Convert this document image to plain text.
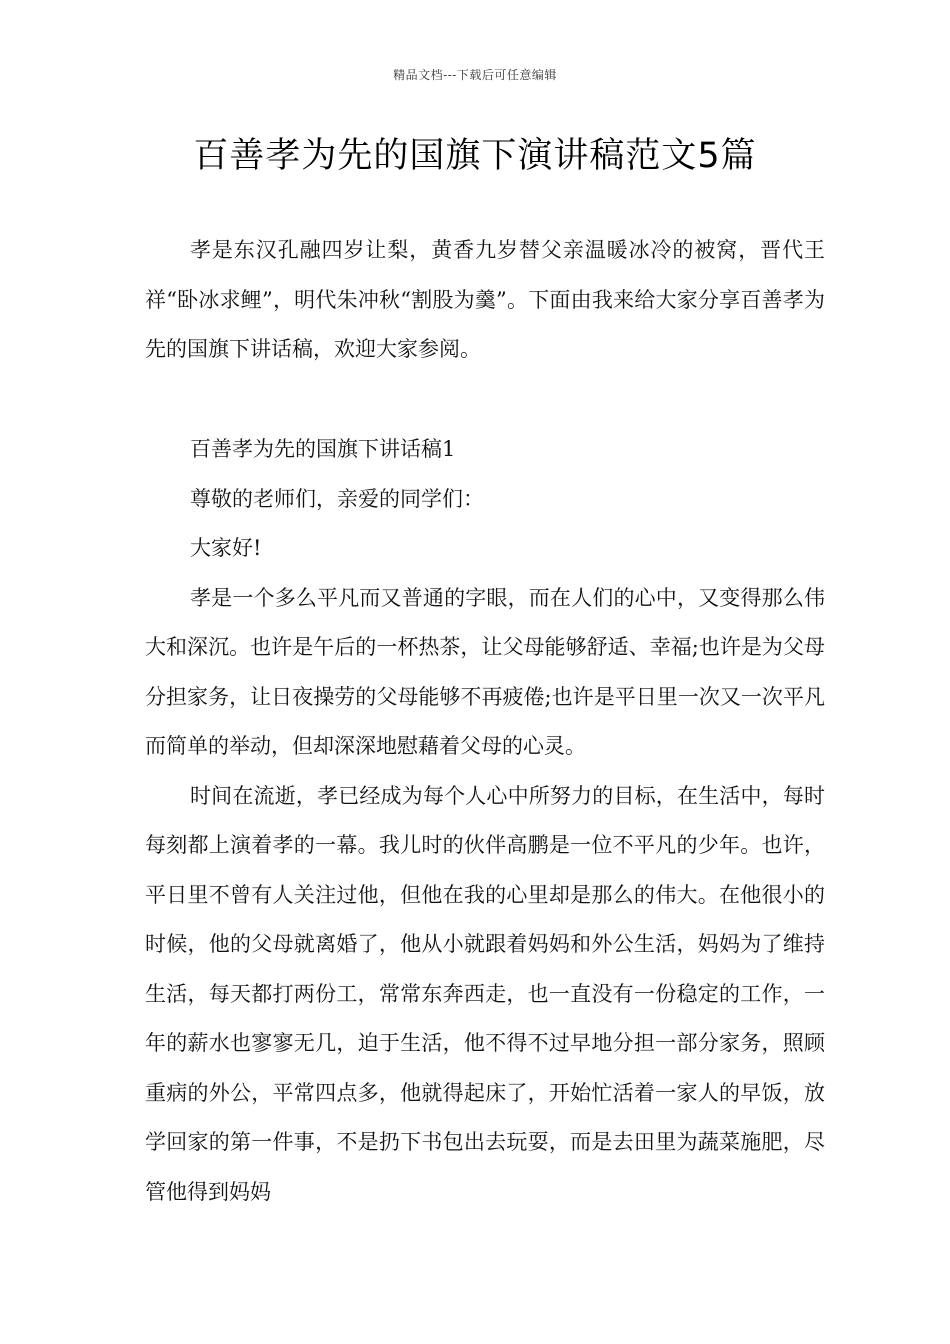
精品文档---下载后可任意编辑
百善孝为先的国旗下演讲稿范文5篇

孝是东汉孔融四岁让梨，黄香九岁替父亲温暖冰冷的被窝，晋代王祥“卧冰求鲤”，明代朱冲秋“割股为羹”。下面由我来给大家分享百善孝为先的国旗下讲话稿，欢迎大家参阅。

百善孝为先的国旗下讲话稿1

尊敬的老师们，亲爱的同学们：

大家好!

孝是一个多么平凡而又普通的字眼，而在人们的心中，又变得那么伟大和深沉。也许是午后的一杯热茶，让父母能够舒适、幸福;也许是为父母分担家务，让日夜操劳的父母能够不再疲倦;也许是平日里一次又一次平凡而简单的举动，但却深深地慰藉着父母的心灵。

时间在流逝，孝已经成为每个人心中所努力的目标，在生活中，每时每刻都上演着孝的一幕。我儿时的伙伴高鹏是一位不平凡的少年。也许，平日里不曾有人关注过他，但他在我的心里却是那么的伟大。在他很小的时候，他的父母就离婚了，他从小就跟着妈妈和外公生活，妈妈为了维持生活，每天都打两份工，常常东奔西走，也一直没有一份稳定的工作，一年的薪水也寥寥无几，迫于生活，他不得不过早地分担一部分家务，照顾重病的外公，平常四点多，他就得起床了，开始忙活着一家人的早饭，放学回家的第一件事，不是扔下书包出去玩耍，而是去田里为蔬菜施肥，尽管他得到妈妈
